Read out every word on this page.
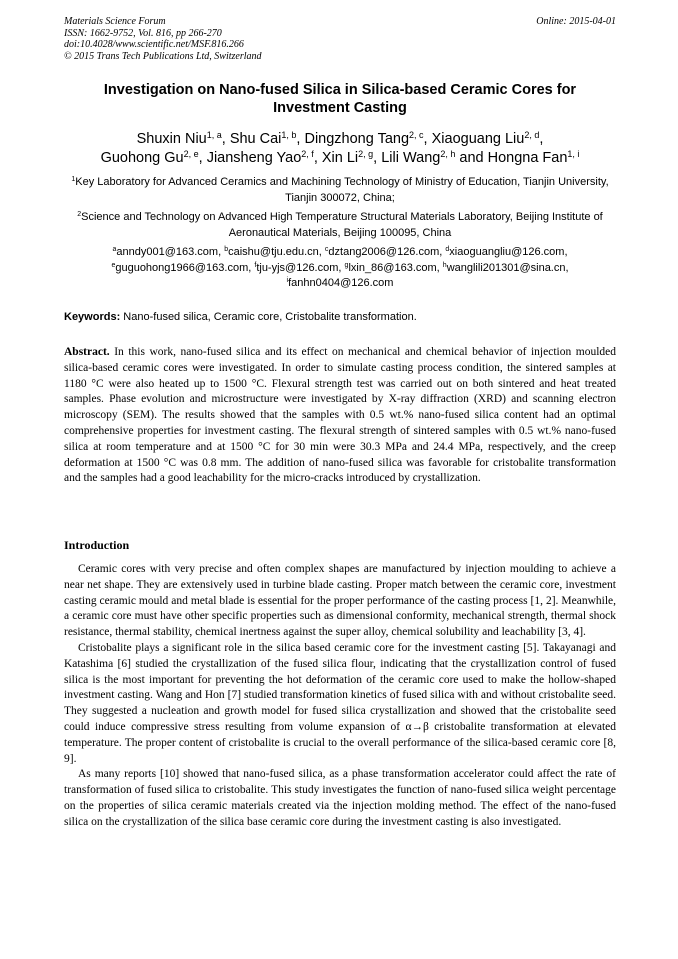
Materials Science Forum
ISSN: 1662-9752, Vol. 816, pp 266-270
doi:10.4028/www.scientific.net/MSF.816.266
© 2015 Trans Tech Publications Ltd, Switzerland
Online: 2015-04-01
Investigation on Nano-fused Silica in Silica-based Ceramic Cores for Investment Casting
Shuxin Niu$^{1, a}$, Shu Cai$^{1, b}$, Dingzhong Tang$^{2, c}$, Xiaoguang Liu$^{2, d}$,
Guohong Gu$^{2, e}$, Jiansheng Yao$^{2, f}$, Xin Li$^{2, g}$, Lili Wang$^{2, h}$ and Hongna Fan$^{1, i}$
$^1$Key Laboratory for Advanced Ceramics and Machining Technology of Ministry of Education, Tianjin University, Tianjin 300072, China;
$^2$Science and Technology on Advanced High Temperature Structural Materials Laboratory, Beijing Institute of Aeronautical Materials, Beijing 100095, China
$^a$anndy001@163.com, $^b$caishu@tju.edu.cn, $^c$dztang2006@126.com, $^d$xiaoguangliu@126.com,
$^e$guguohong1966@163.com, $^f$tju-yjs@126.com, $^g$lxin_86@163.com, $^h$wanglili201301@sina.cn,
$^i$fanhn0404@126.com
Keywords: Nano-fused silica, Ceramic core, Cristobalite transformation.
Abstract. In this work, nano-fused silica and its effect on mechanical and chemical behavior of injection moulded silica-based ceramic cores were investigated. In order to simulate casting process condition, the sintered samples at 1180 °C were also heated up to 1500 °C. Flexural strength test was carried out on both sintered and heat treated samples. Phase evolution and microstructure were investigated by X-ray diffraction (XRD) and scanning electron microscopy (SEM). The results showed that the samples with 0.5 wt.% nano-fused silica content had an optimal comprehensive properties for investment casting. The flexural strength of sintered samples with 0.5 wt.% nano-fused silica at room temperature and at 1500 °C for 30 min were 30.3 MPa and 24.4 MPa, respectively, and the creep deformation at 1500 °C was 0.8 mm. The addition of nano-fused silica was favorable for cristobalite transformation and the samples had a good leachability for the micro-cracks introduced by crystallization.
Introduction

Ceramic cores with very precise and often complex shapes are manufactured by injection moulding to achieve a near net shape. They are extensively used in turbine blade casting. Proper match between the ceramic core, investment casting ceramic mould and metal blade is essential for the proper performance of the casting process [1, 2]. Meanwhile, a ceramic core must have other specific properties such as dimensional conformity, mechanical strength, thermal shock resistance, thermal stability, chemical inertness against the super alloy, chemical solubility and leachability [3, 4].

Cristobalite plays a significant role in the silica based ceramic core for the investment casting [5]. Takayanagi and Katashima [6] studied the crystallization of the fused silica flour, indicating that the crystallization control of fused silica is the most important for preventing the hot deformation of the ceramic core used to make the hollow-shaped investment casting. Wang and Hon [7] studied transformation kinetics of fused silica with and without cristobalite seed. They suggested a nucleation and growth model for fused silica crystallization and showed that the cristobalite seed could induce compressive stress resulting from volume expansion of α→β cristobalite transformation at elevated temperature. The proper content of cristobalite is crucial to the overall performance of the silica-based ceramic core [8, 9].

As many reports [10] showed that nano-fused silica, as a phase transformation accelerator could affect the rate of transformation of fused silica to cristobalite. This study investigates the function of nano-fused silica weight percentage on the properties of silica ceramic materials created via the injection molding method. The effect of the nano-fused silica on the crystallization of the silica base ceramic core during the investment casting is also investigated.
